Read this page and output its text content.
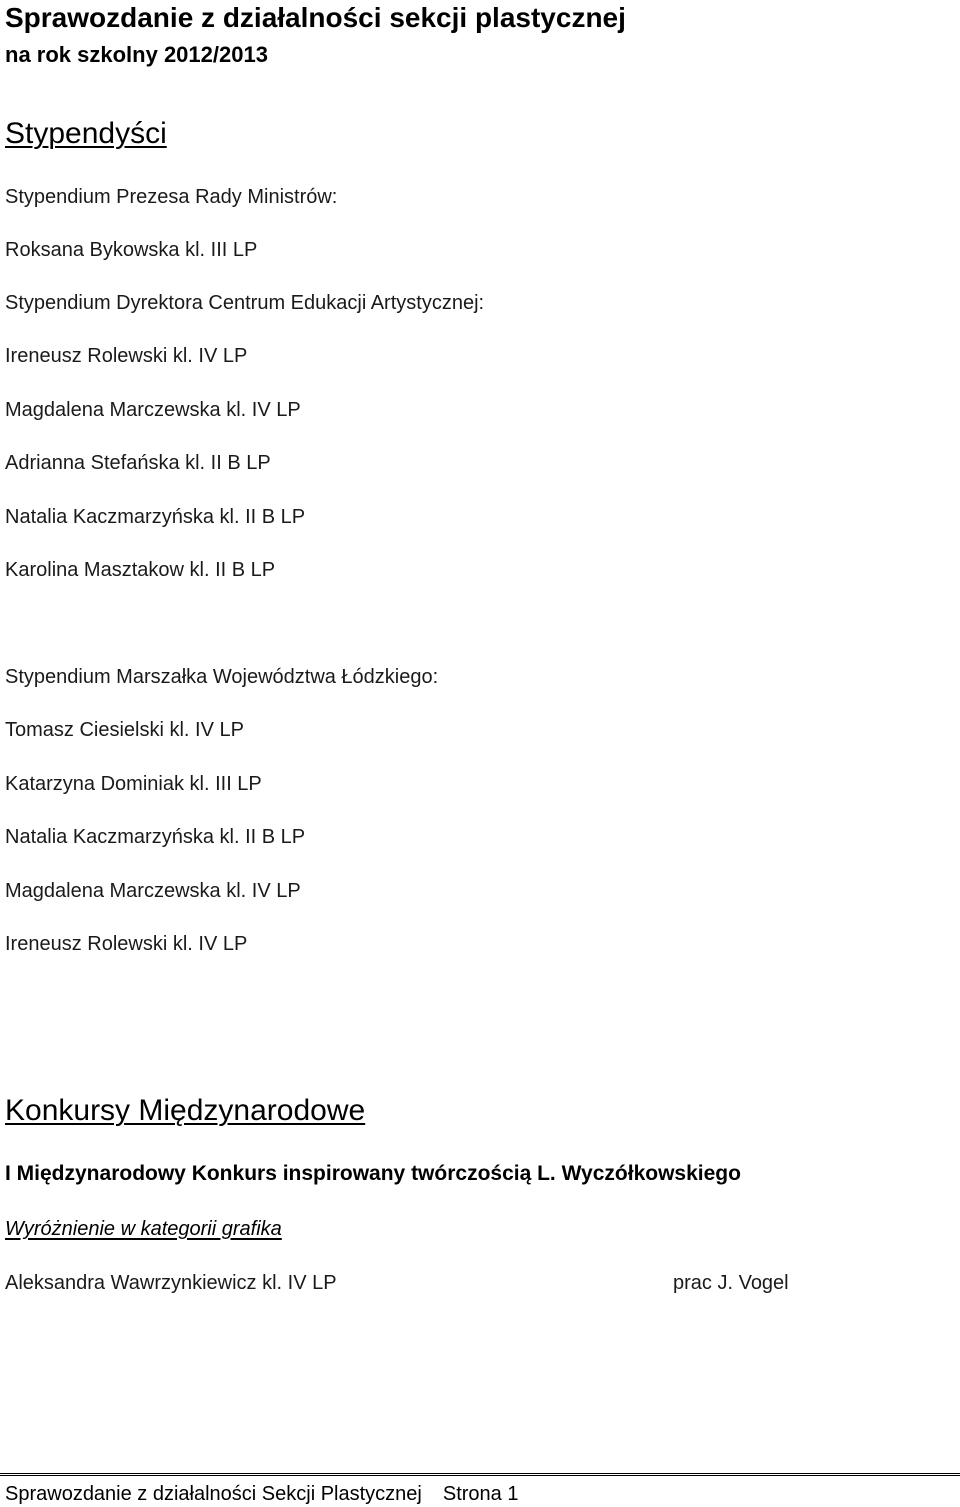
Sprawozdanie z działalności sekcji plastycznej
na rok szkolny 2012/2013
Stypendyści
Stypendium Prezesa Rady Ministrów:
Roksana Bykowska kl. III LP
Stypendium Dyrektora Centrum Edukacji Artystycznej:
Ireneusz Rolewski kl. IV LP
Magdalena Marczewska kl. IV LP
Adrianna Stefańska kl. II B LP
Natalia Kaczmarzyńska kl. II B LP
Karolina Masztakow kl. II B LP
Stypendium Marszałka Województwa Łódzkiego:
Tomasz Ciesielski kl. IV LP
Katarzyna Dominiak kl. III LP
Natalia Kaczmarzyńska kl. II B LP
Magdalena Marczewska kl. IV LP
Ireneusz Rolewski kl. IV LP
Konkursy Międzynarodowe
I Międzynarodowy Konkurs inspirowany twórczością L. Wyczółkowskiego
Wyróżnienie w kategorii grafika
Aleksandra Wawrzynkiewicz kl. IV LP	prac J. Vogel
Sprawozdanie z działalności Sekcji Plastycznej Strona 1
